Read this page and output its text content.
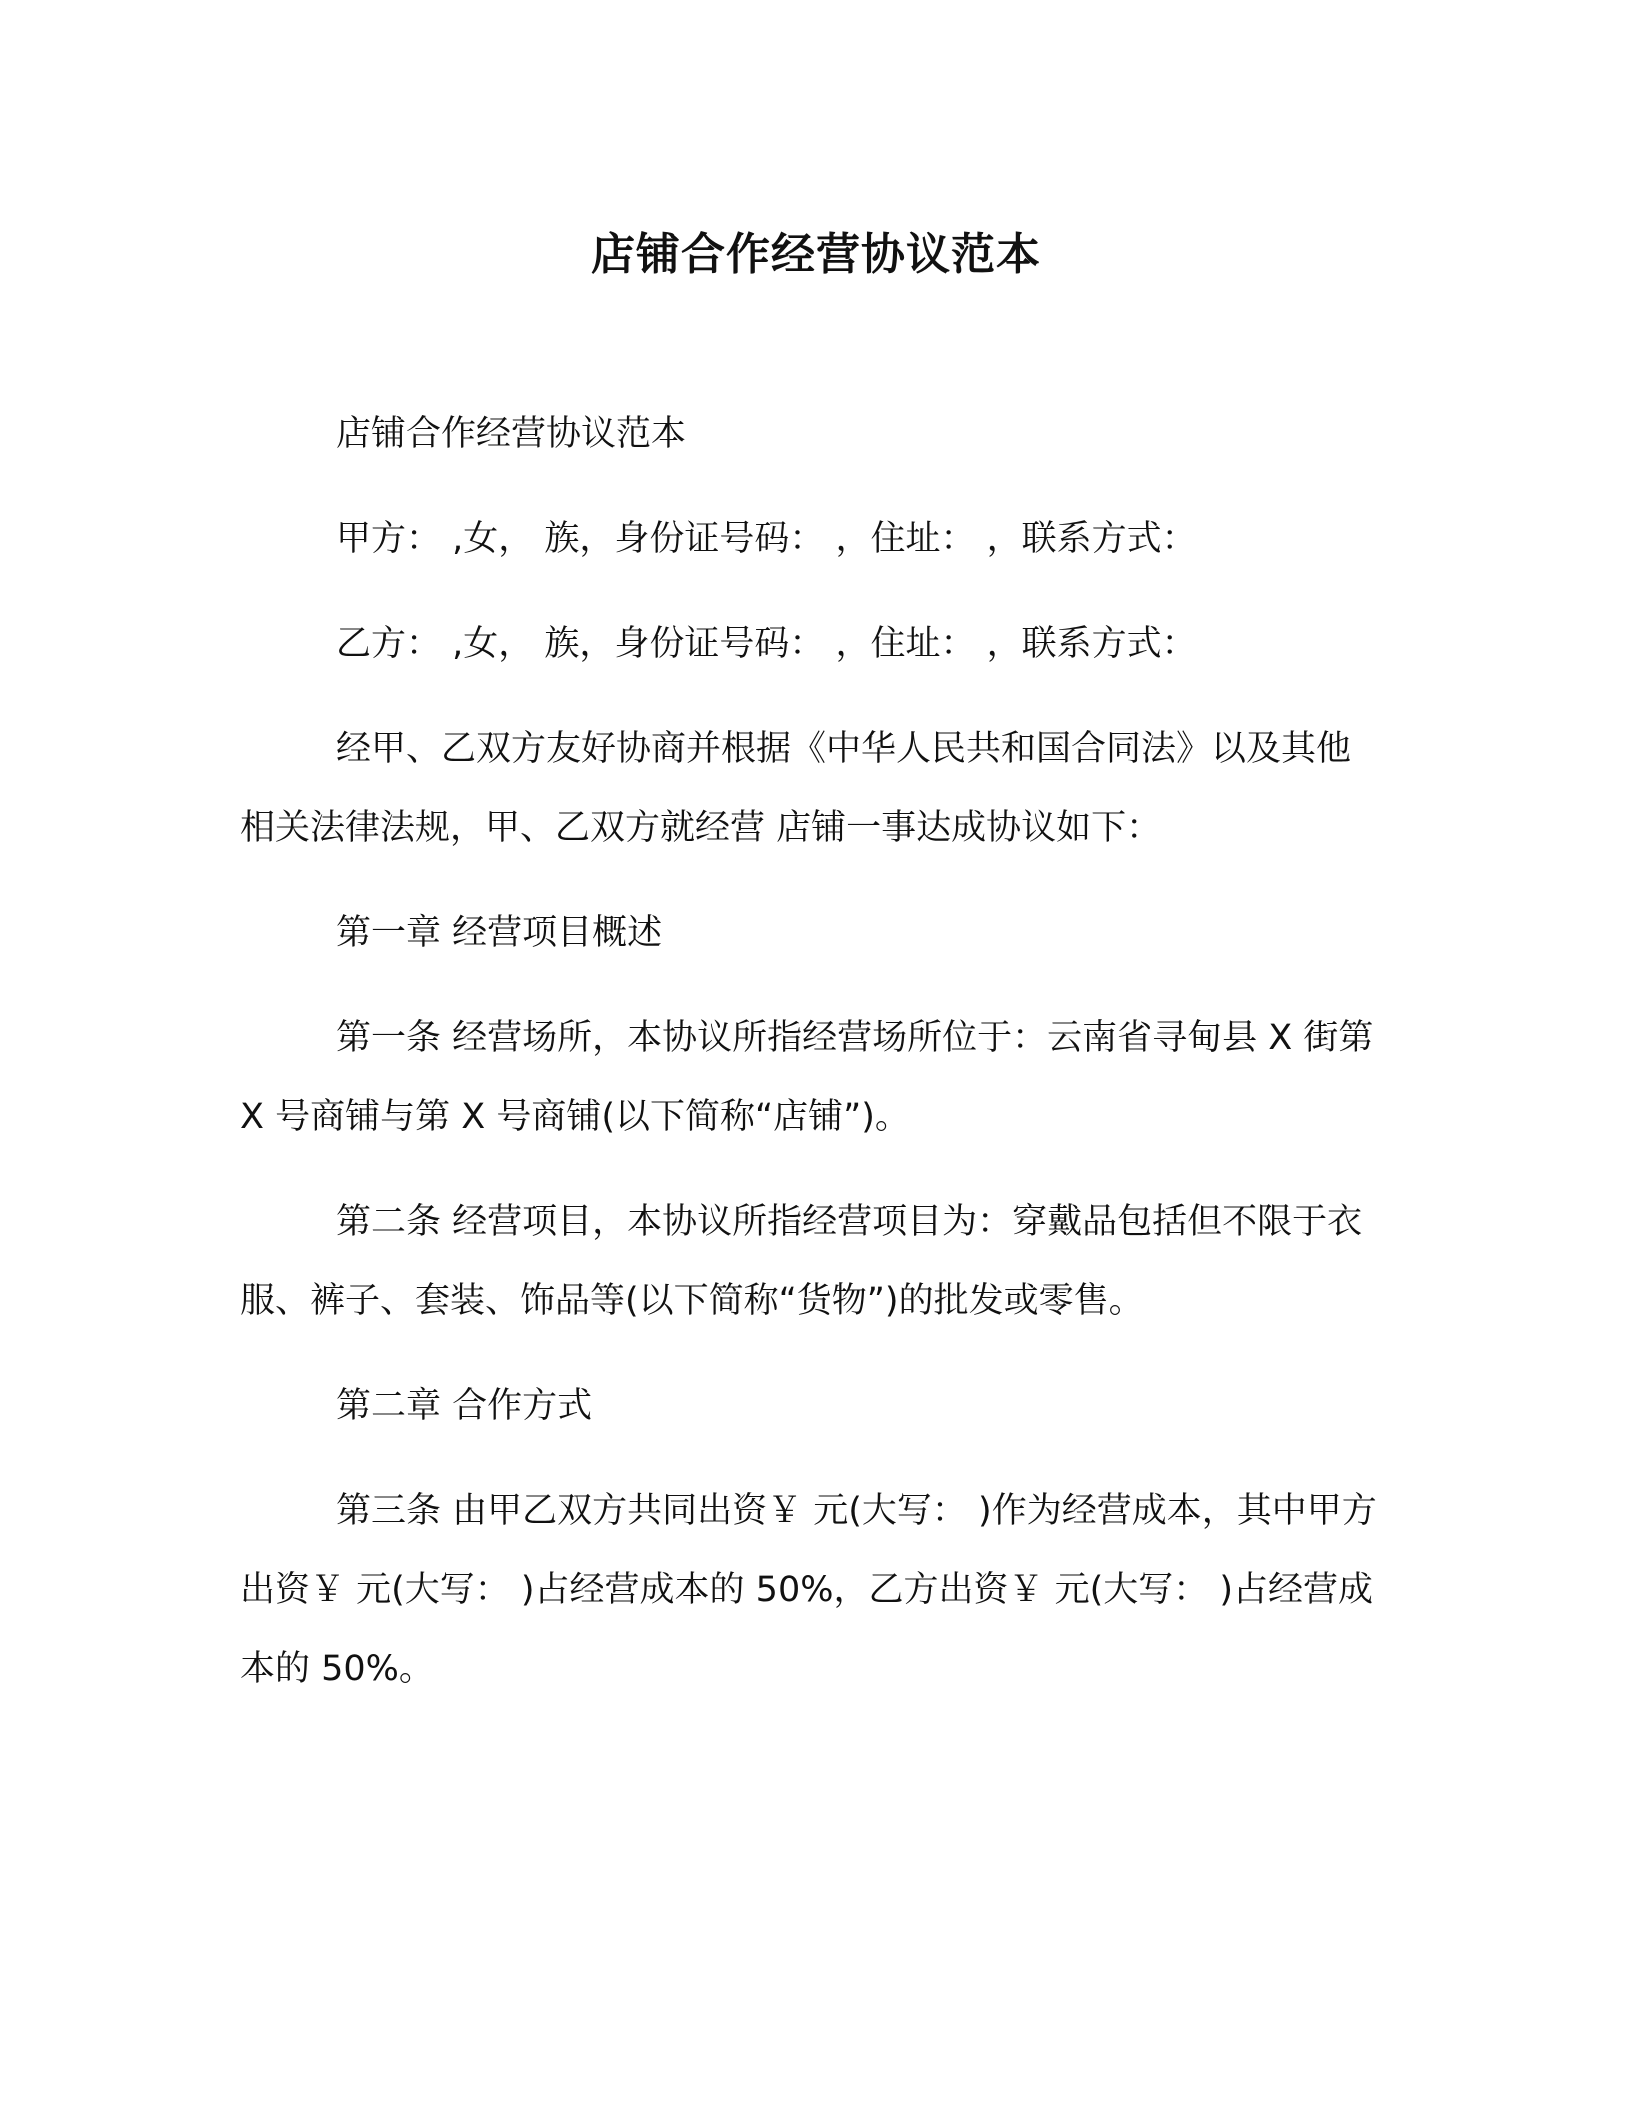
店铺合作经营协议范本

店铺合作经营协议范本

甲方： ,女， 族，身份证号码： ，住址： ，联系方式：

乙方： ,女， 族，身份证号码： ，住址： ，联系方式：

经甲、乙双方友好协商并根据《中华人民共和国合同法》以及其他相关法律法规，甲、乙双方就经营 店铺一事达成协议如下：

第一章 经营项目概述

第一条 经营场所，本协议所指经营场所位于：云南省寻甸县 X 街第 X 号商铺与第 X 号商铺(以下简称“店铺”)。

第二条 经营项目，本协议所指经营项目为：穿戴品包括但不限于衣服、裤子、套装、饰品等(以下简称“货物”)的批发或零售。

第二章 合作方式

第三条 由甲乙双方共同出资￥ 元(大写： )作为经营成本，其中甲方出资￥ 元(大写： )占经营成本的 50%，乙方出资￥ 元(大写： )占经营成本的 50%。
